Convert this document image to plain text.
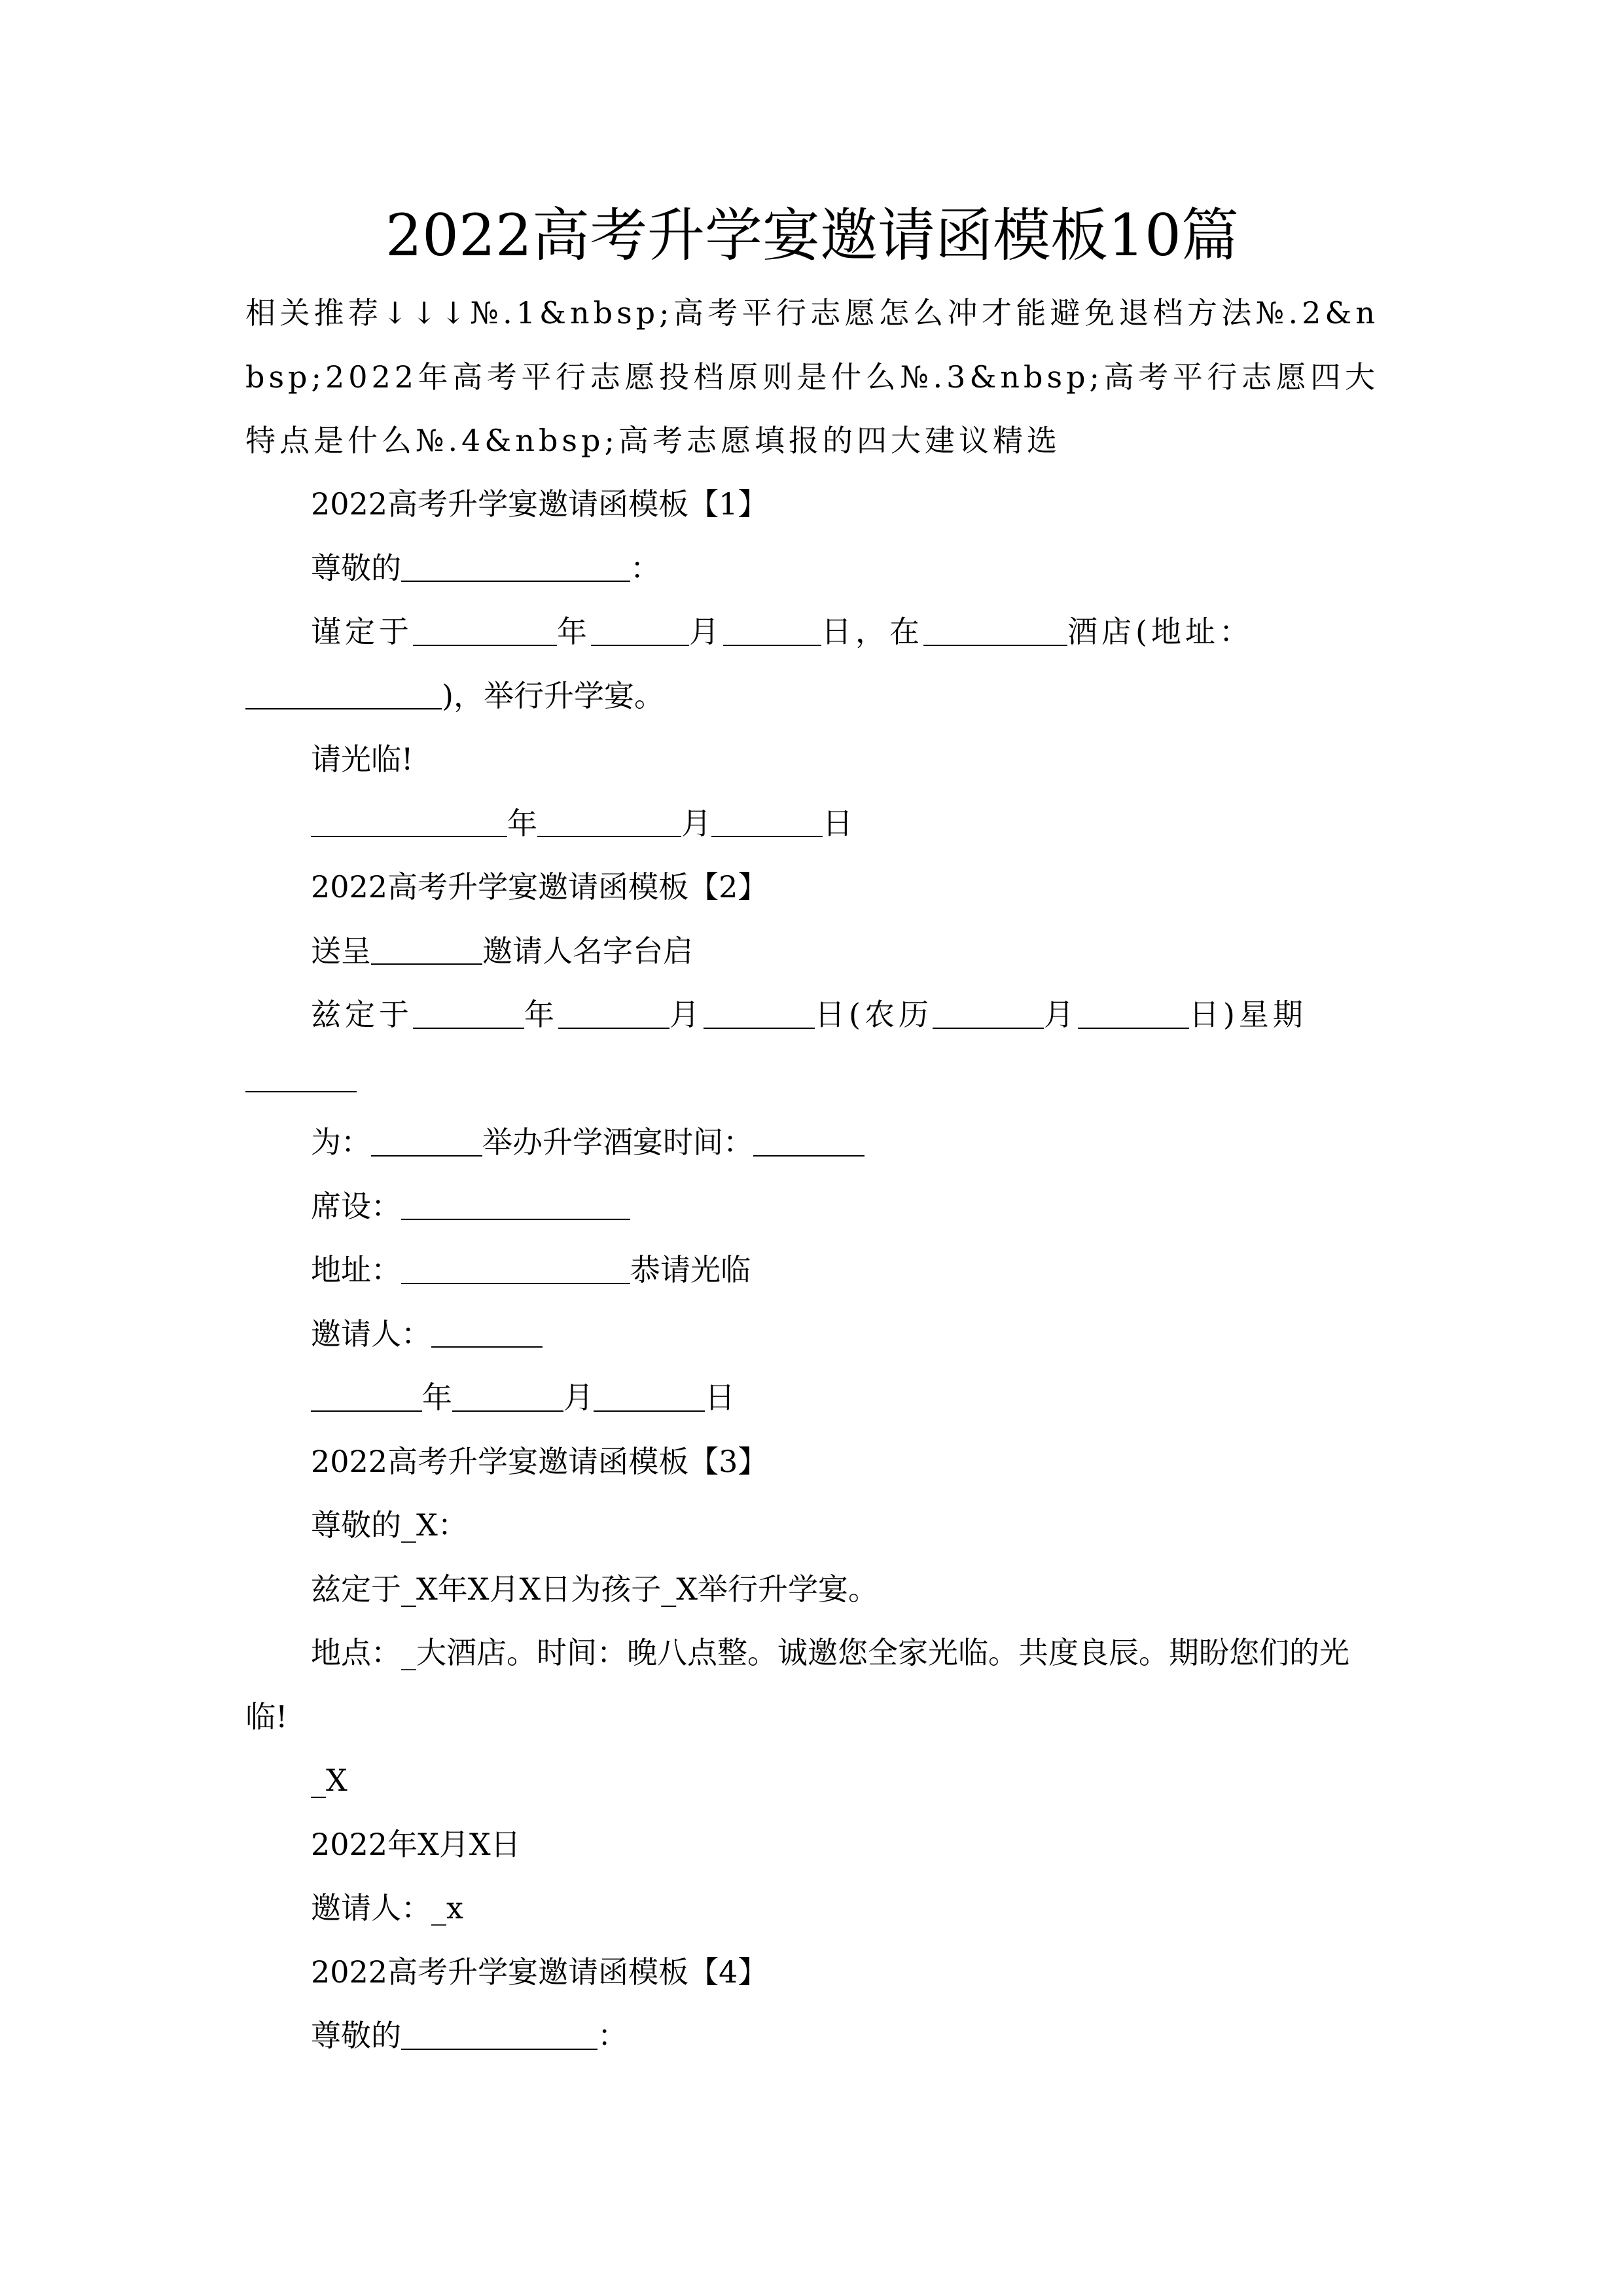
2022高考升学宴邀请函模板10篇

相关推荐↓↓↓№.1&nbsp;高考平行志愿怎么冲才能避免退档方法№.2&nbsp;2022年高考平行志愿投档原则是什么№.3&nbsp;高考平行志愿四大特点是什么№.4&nbsp;高考志愿填报的四大建议精选

2022高考升学宴邀请函模板【1】

尊敬的	：

谨定于	年	月	日，在	酒店(地址：

)，举行升学宴。

请光临!

年	月	日

2022高考升学宴邀请函模板【2】

送呈	邀请人名字台启

兹定于	年	月	日(农历	月	日)星期

为：	举办升学酒宴时间：

席设：

地址：	恭请光临

邀请人：

年	月	日

2022高考升学宴邀请函模板【3】

尊敬的_X：

兹定于_X年X月X日为孩子_X举行升学宴。

地点：_大酒店。时间：晚八点整。诚邀您全家光临。共度良辰。期盼您们的光临!

_X

2022年X月X日

邀请人：_x

2022高考升学宴邀请函模板【4】

尊敬的	：
